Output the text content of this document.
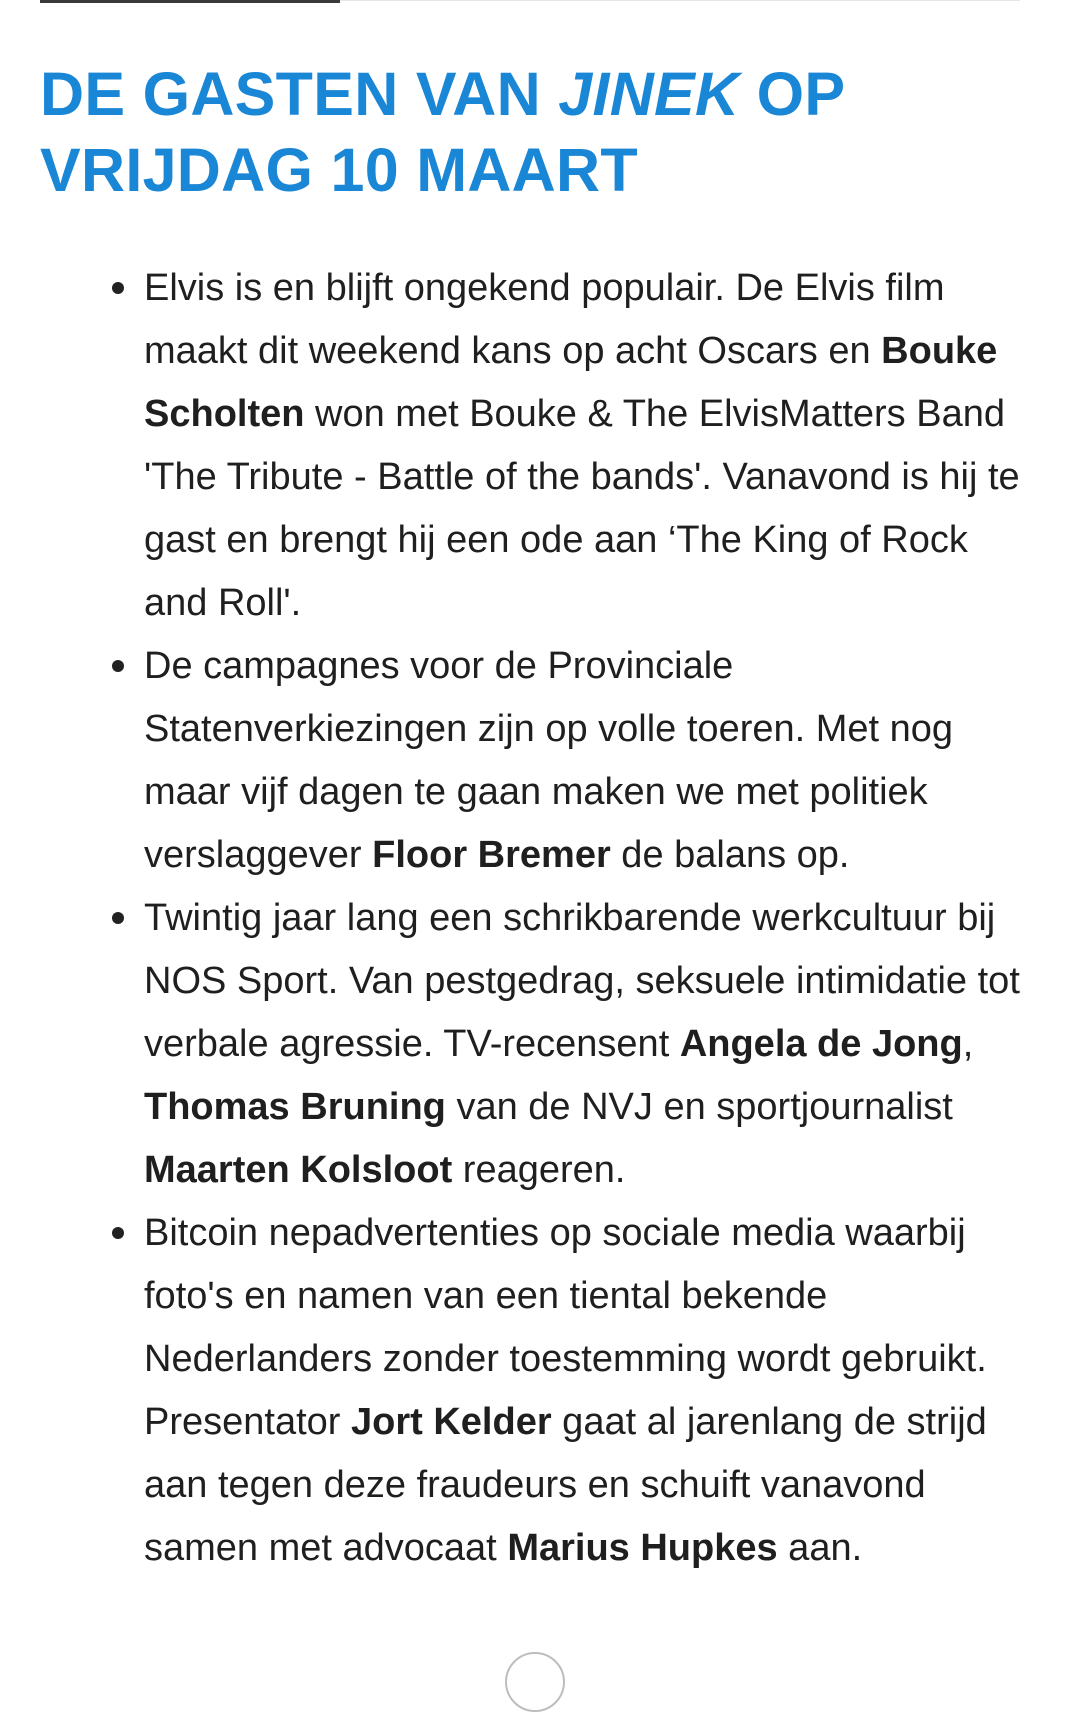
DE GASTEN VAN JINEK OP VRIJDAG 10 MAART
Elvis is en blijft ongekend populair. De Elvis film maakt dit weekend kans op acht Oscars en Bouke Scholten won met Bouke & The ElvisMatters Band 'The Tribute - Battle of the bands'. Vanavond is hij te gast en brengt hij een ode aan ‘The King of Rock and Roll'.
De campagnes voor de Provinciale Statenverkiezingen zijn op volle toeren. Met nog maar vijf dagen te gaan maken we met politiek verslaggever Floor Bremer de balans op.
Twintig jaar lang een schrikbarende werkcultuur bij NOS Sport. Van pestgedrag, seksuele intimidatie tot verbale agressie. TV-recensent Angela de Jong, Thomas Bruning van de NVJ en sportjournalist Maarten Kolsloot reageren.
Bitcoin nepadvertenties op sociale media waarbij foto's en namen van een tiental bekende Nederlanders zonder toestemming wordt gebruikt. Presentator Jort Kelder gaat al jarenlang de strijd aan tegen deze fraudeurs en schuift vanavond samen met advocaat Marius Hupkes aan.
